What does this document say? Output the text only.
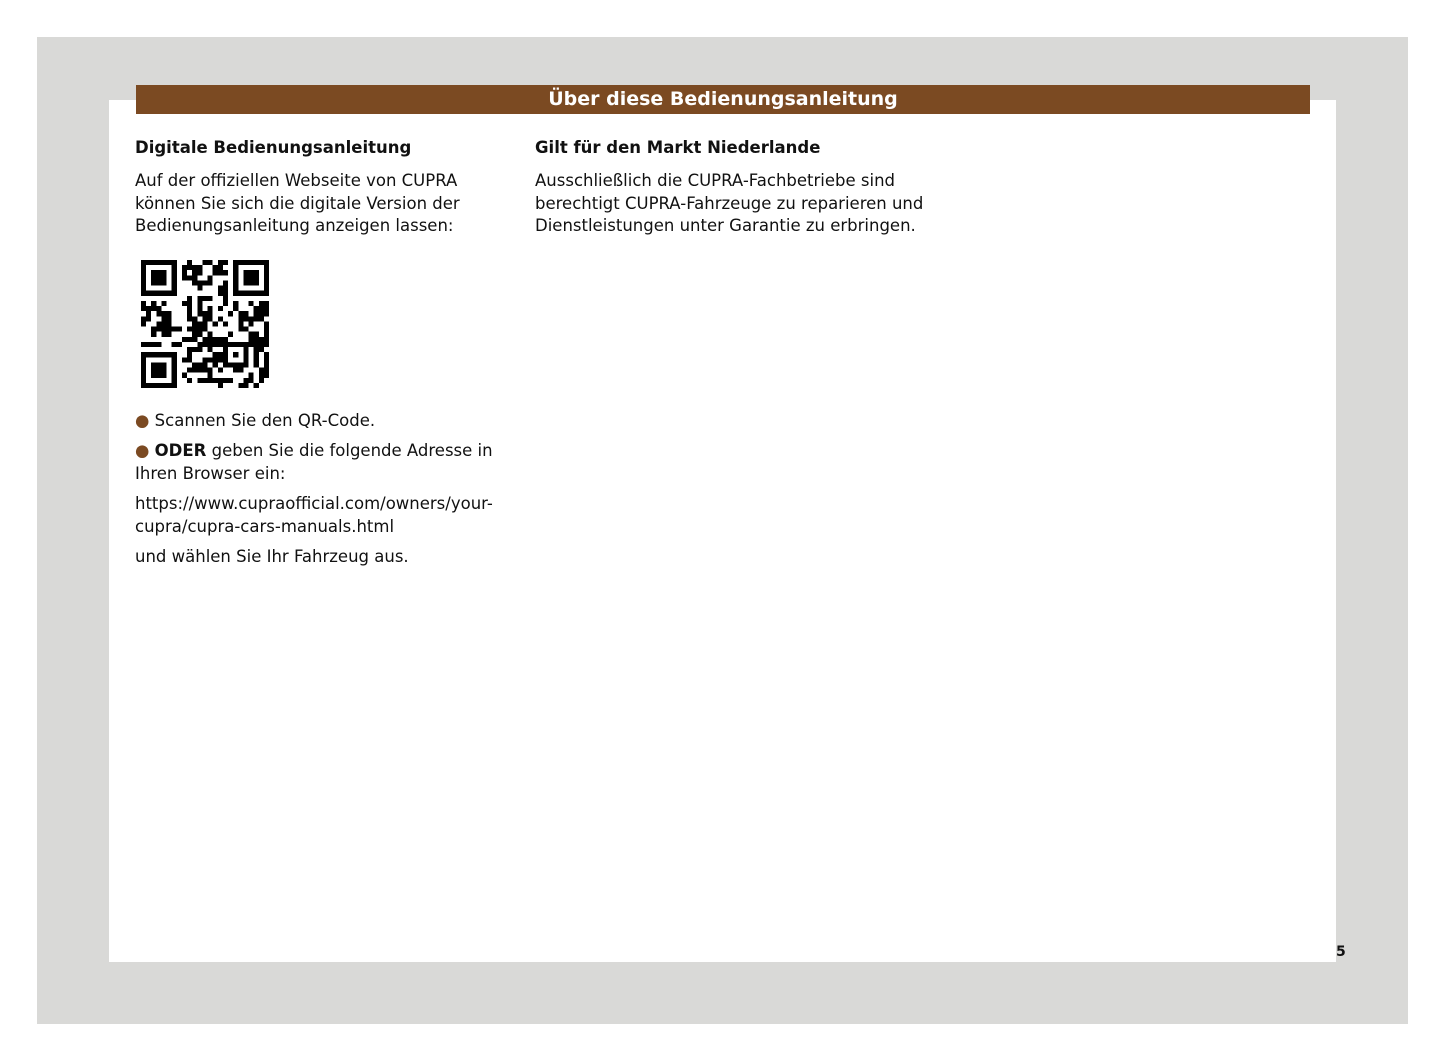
Über diese Bedienungsanleitung
Digitale Bedienungsanleitung

Auf der offiziellen Webseite von CUPRA können Sie sich die digitale Version der Bedienungsanleitung anzeigen lassen:

● Scannen Sie den QR-Code.
● ODER geben Sie die folgende Adresse in Ihren Browser ein:

https://www.cupraofficial.com/owners/your-cupra/cupra-cars-manuals.html

und wählen Sie Ihr Fahrzeug aus.

Gilt für den Markt Niederlande

Ausschließlich die CUPRA-Fachbetriebe sind berechtigt CUPRA-Fahrzeuge zu reparieren und Dienstleistungen unter Garantie zu erbringen.

5
